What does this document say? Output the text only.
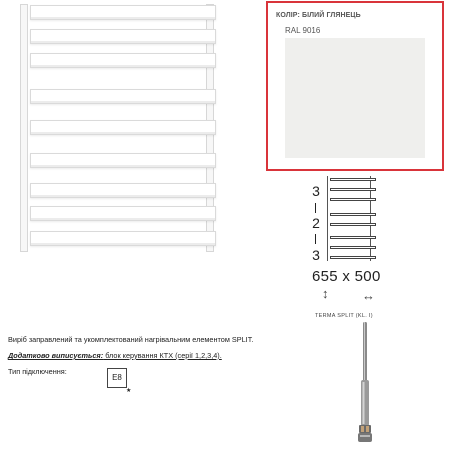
КОЛІР: БІЛИЙ ГЛЯНЕЦЬ
RAL 9016
3
2
3
655 x 500
↕	↔
TERMA SPLIT (KL. I)
Виріб заправлений та укомплектований нагрівальним елементом SPLIT.
Додатково виписується: блок керування КТХ (серії 1,2,3,4).
Тип підключення:
E8
★
